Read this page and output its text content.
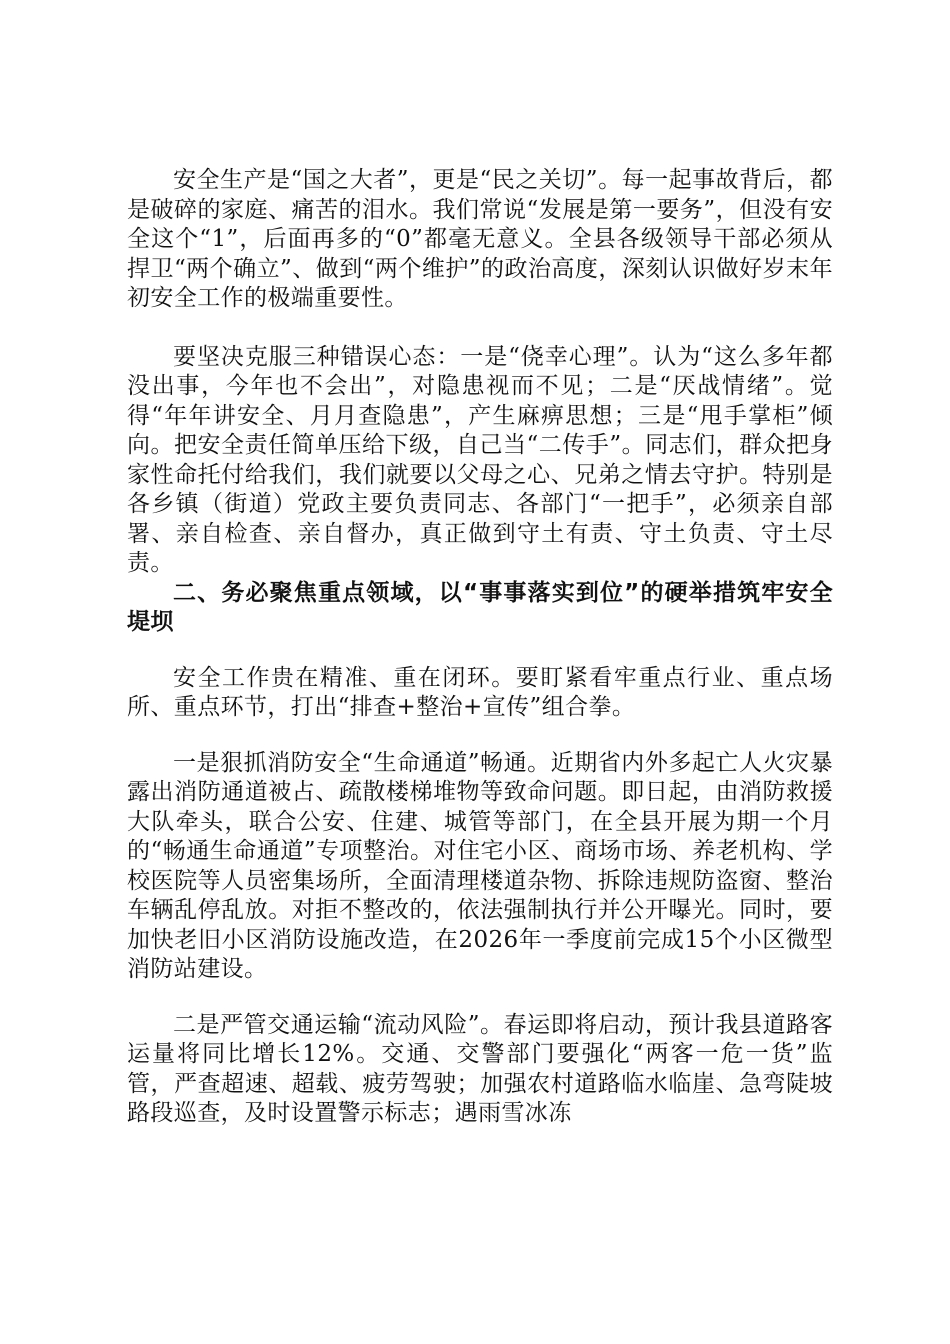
安全生产是“国之大者”，更是“民之关切”。每一起事故背后，都是破碎的家庭、痛苦的泪水。我们常说“发展是第一要务”，但没有安全这个“1”，后面再多的“0”都毫无意义。全县各级领导干部必须从捍卫“两个确立”、做到“两个维护”的政治高度，深刻认识做好岁末年初安全工作的极端重要性。

要坚决克服三种错误心态：一是“侥幸心理”。认为“这么多年都没出事，今年也不会出”，对隐患视而不见；二是“厌战情绪”。觉得“年年讲安全、月月查隐患”，产生麻痹思想；三是“甩手掌柜”倾向。把安全责任简单压给下级，自己当“二传手”。同志们，群众把身家性命托付给我们，我们就要以父母之心、兄弟之情去守护。特别是各乡镇（街道）党政主要负责同志、各部门“一把手”，必须亲自部署、亲自检查、亲自督办，真正做到守土有责、守土负责、守土尽责。

二、务必聚焦重点领域，以“事事落实到位”的硬举措筑牢安全堤坝

安全工作贵在精准、重在闭环。要盯紧看牢重点行业、重点场所、重点环节，打出“排查+整治+宣传”组合拳。

一是狠抓消防安全“生命通道”畅通。近期省内外多起亡人火灾暴露出消防通道被占、疏散楼梯堆物等致命问题。即日起，由消防救援大队牵头，联合公安、住建、城管等部门，在全县开展为期一个月的“畅通生命通道”专项整治。对住宅小区、商场市场、养老机构、学校医院等人员密集场所，全面清理楼道杂物、拆除违规防盗窗、整治车辆乱停乱放。对拒不整改的，依法强制执行并公开曝光。同时，要加快老旧小区消防设施改造，在2026年一季度前完成15个小区微型消防站建设。

二是严管交通运输“流动风险”。春运即将启动，预计我县道路客运量将同比增长12%。交通、交警部门要强化“两客一危一货”监管，严查超速、超载、疲劳驾驶；加强农村道路临水临崖、急弯陡坡路段巡查，及时设置警示标志；遇雨雪冰冻
